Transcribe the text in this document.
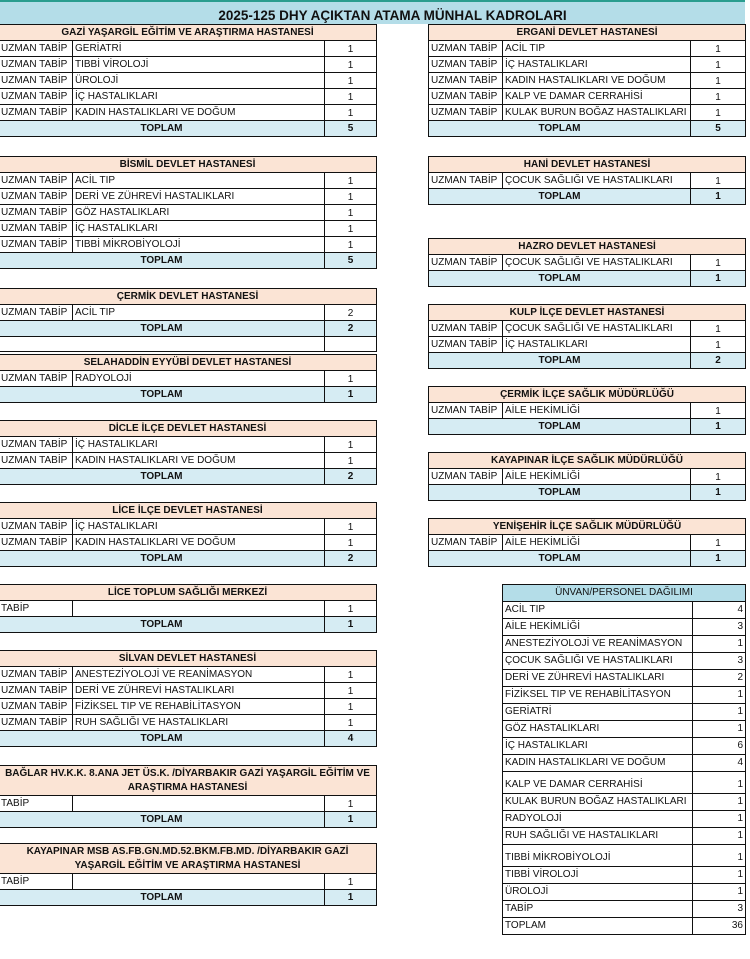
2025-125 DHY AÇIKTAN ATAMA MÜNHAL KADROLARI
GAZİ YAŞARGİL EĞİTİM VE ARAŞTIRMA HASTANESİ		
UZMAN TABİP	GERİATRİ	1
UZMAN TABİP	TIBBİ VİROLOJİ	1
UZMAN TABİP	ÜROLOJİ	1
UZMAN TABİP	İÇ HASTALIKLARI	1
UZMAN TABİP	KADIN HASTALIKLARI VE DOĞUM	1
TOPLAM		5
BİSMİL DEVLET HASTANESİ		
UZMAN TABİP	ACİL TIP	1
UZMAN TABİP	DERİ VE ZÜHREVİ HASTALIKLARI	1
UZMAN TABİP	GÖZ HASTALIKLARI	1
UZMAN TABİP	İÇ HASTALIKLARI	1
UZMAN TABİP	TIBBİ MİKROBİYOLOJİ	1
TOPLAM		5
ÇERMİK DEVLET HASTANESİ		
UZMAN TABİP	ACİL TIP	2
TOPLAM		2

SELAHADDİN EYYÜBİ DEVLET HASTANESİ		
UZMAN TABİP	RADYOLOJİ	1
TOPLAM		1
DİCLE İLÇE DEVLET HASTANESİ		
UZMAN TABİP	İÇ HASTALIKLARI	1
UZMAN TABİP	KADIN HASTALIKLARI VE DOĞUM	1
TOPLAM		2
LİCE İLÇE DEVLET HASTANESİ		
UZMAN TABİP	İÇ HASTALIKLARI	1
UZMAN TABİP	KADIN HASTALIKLARI VE DOĞUM	1
TOPLAM		2
LİCE TOPLUM SAĞLIĞI MERKEZİ		
TABİP		1
TOPLAM		1
SİLVAN DEVLET HASTANESİ		
UZMAN TABİP	ANESTEZİYOLOJİ VE REANİMASYON	1
UZMAN TABİP	DERİ VE ZÜHREVİ HASTALIKLARI	1
UZMAN TABİP	FİZİKSEL TIP VE REHABİLİTASYON	1
UZMAN TABİP	RUH SAĞLIĞI VE HASTALIKLARI	1
TOPLAM		4
BAĞLAR HV.K.K. 8.ANA JET ÜS.K. /DİYARBAKIR GAZİ YAŞARGİL EĞİTİM VE ARAŞTIRMA HASTANESİ		
TABİP		1
TOPLAM		1
KAYAPINAR MSB AS.FB.GN.MD.52.BKM.FB.MD. /DİYARBAKIR GAZİ YAŞARGİL EĞİTİM VE ARAŞTIRMA HASTANESİ		
TABİP		1
TOPLAM		1
ERGANİ DEVLET HASTANESİ		
UZMAN TABİP	ACİL TIP	1
UZMAN TABİP	İÇ HASTALIKLARI	1
UZMAN TABİP	KADIN HASTALIKLARI VE DOĞUM	1
UZMAN TABİP	KALP VE DAMAR CERRAHİSİ	1
UZMAN TABİP	KULAK BURUN BOĞAZ HASTALIKLARI	1
TOPLAM		5
HANİ DEVLET HASTANESİ		
UZMAN TABİP	ÇOCUK SAĞLIĞI VE HASTALIKLARI	1
TOPLAM		1
HAZRO DEVLET HASTANESİ		
UZMAN TABİP	ÇOCUK SAĞLIĞI VE HASTALIKLARI	1
TOPLAM		1
KULP İLÇE DEVLET HASTANESİ		
UZMAN TABİP	ÇOCUK SAĞLIĞI VE HASTALIKLARI	1
UZMAN TABİP	İÇ HASTALIKLARI	1
TOPLAM		2
ÇERMİK İLÇE SAĞLIK MÜDÜRLÜĞÜ		
UZMAN TABİP	AİLE HEKİMLİĞİ	1
TOPLAM		1
KAYAPINAR İLÇE SAĞLIK MÜDÜRLÜĞÜ		
UZMAN TABİP	AİLE HEKİMLİĞİ	1
TOPLAM		1
YENİŞEHİR İLÇE SAĞLIK MÜDÜRLÜĞÜ		
UZMAN TABİP	AİLE HEKİMLİĞİ	1
TOPLAM		1
ÜNVAN/PERSONEL DAĞILIMI	
ACİL TIP	4
AİLE HEKİMLİĞİ	3
ANESTEZİYOLOJİ VE REANİMASYON	1
ÇOCUK SAĞLIĞI VE HASTALIKLARI	3
DERİ VE ZÜHREVİ HASTALIKLARI	2
FİZİKSEL TIP VE REHABİLİTASYON	1
GERİATRİ	1
GÖZ HASTALIKLARI	1
İÇ HASTALIKLARI	6
KADIN HASTALIKLARI VE DOĞUM	4
KALP VE DAMAR CERRAHİSİ	1
KULAK BURUN BOĞAZ HASTALIKLARI	1
RADYOLOJİ	1
RUH SAĞLIĞI VE HASTALIKLARI	1
TIBBİ MİKROBİYOLOJİ	1
TIBBİ VİROLOJİ	1
ÜROLOJİ	1
TABİP	3
TOPLAM	36
